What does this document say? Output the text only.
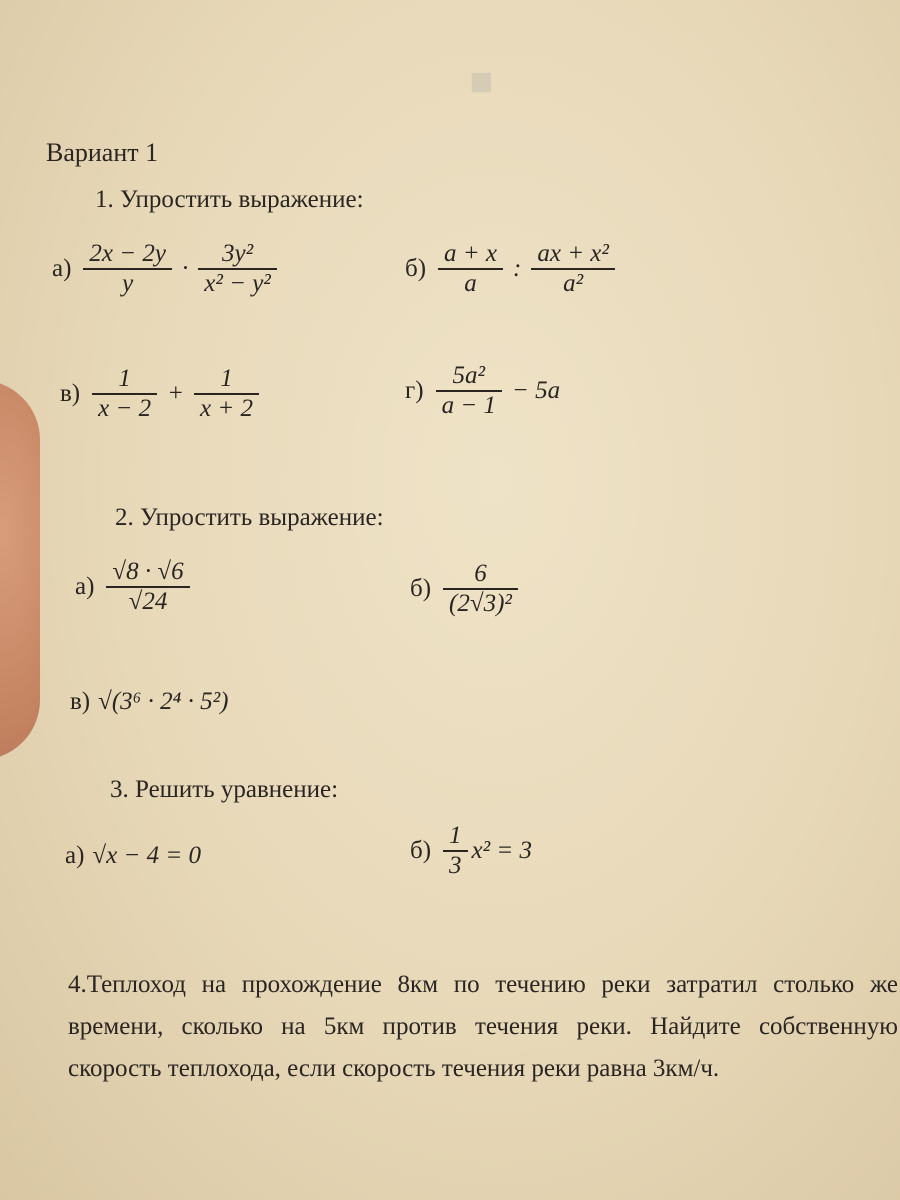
■
Вариант 1
1. Упростить выражение:
$а) \frac{2x - 2y}{y} \cdot \frac{\text{3y²}}{\text{x² − y²}}$	$б) \frac{a + x}{a}$ : $\frac{\text{ax + x²}}{\text{a²}}$
$в) \frac{1}{x - 2} + \frac{1}{x + 2}$	$г) \frac{\text{5a²}}{a - 1} - 5a$
2. Упростить выражение:
$а) \frac{√8 \cdot √6}{√24}$	$б) \frac{6}{\text{(2√3)²}}$
в) √(3⁶ · 2⁴ · 5²)
3. Решить уравнение:
а) √x − 4 = 0	$б) \frac{1}{3} x^2 = 3$
4.Теплоход на прохождение 8км по течению реки затратил столько же времени, сколько на 5км против течения реки. Найдите собственную скорость теплохода, если скорость течения реки равна 3км/ч.
